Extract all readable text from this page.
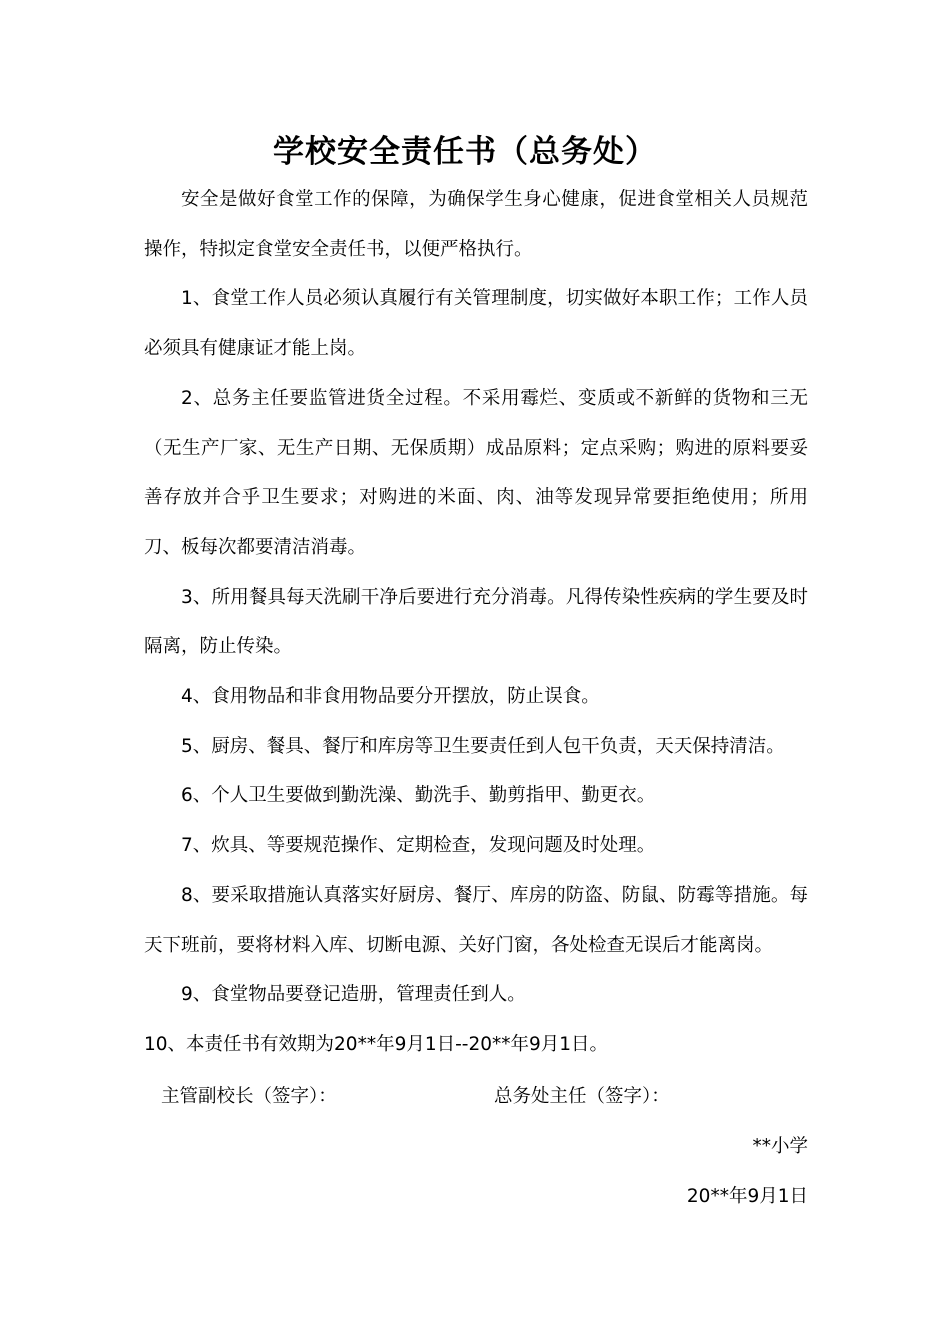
学校安全责任书（总务处）

安全是做好食堂工作的保障，为确保学生身心健康，促进食堂相关人员规范操作，特拟定食堂安全责任书，以便严格执行。

1、食堂工作人员必须认真履行有关管理制度，切实做好本职工作；工作人员必须具有健康证才能上岗。

2、总务主任要监管进货全过程。不采用霉烂、变质或不新鲜的货物和三无（无生产厂家、无生产日期、无保质期）成品原料；定点采购；购进的原料要妥善存放并合乎卫生要求；对购进的米面、肉、油等发现异常要拒绝使用；所用刀、板每次都要清洁消毒。

3、所用餐具每天洗刷干净后要进行充分消毒。凡得传染性疾病的学生要及时隔离，防止传染。

4、食用物品和非食用物品要分开摆放，防止误食。

5、厨房、餐具、餐厅和库房等卫生要责任到人包干负责，天天保持清洁。

6、个人卫生要做到勤洗澡、勤洗手、勤剪指甲、勤更衣。

7、炊具、等要规范操作、定期检查，发现问题及时处理。

8、要采取措施认真落实好厨房、餐厅、库房的防盗、防鼠、防霉等措施。每天下班前，要将材料入库、切断电源、关好门窗，各处检查无误后才能离岗。

9、食堂物品要登记造册，管理责任到人。

10、本责任书有效期为20**年9月1日--20**年9月1日。

主管副校长（签字）：	总务处主任（签字）：
**小学
20**年9月1日
